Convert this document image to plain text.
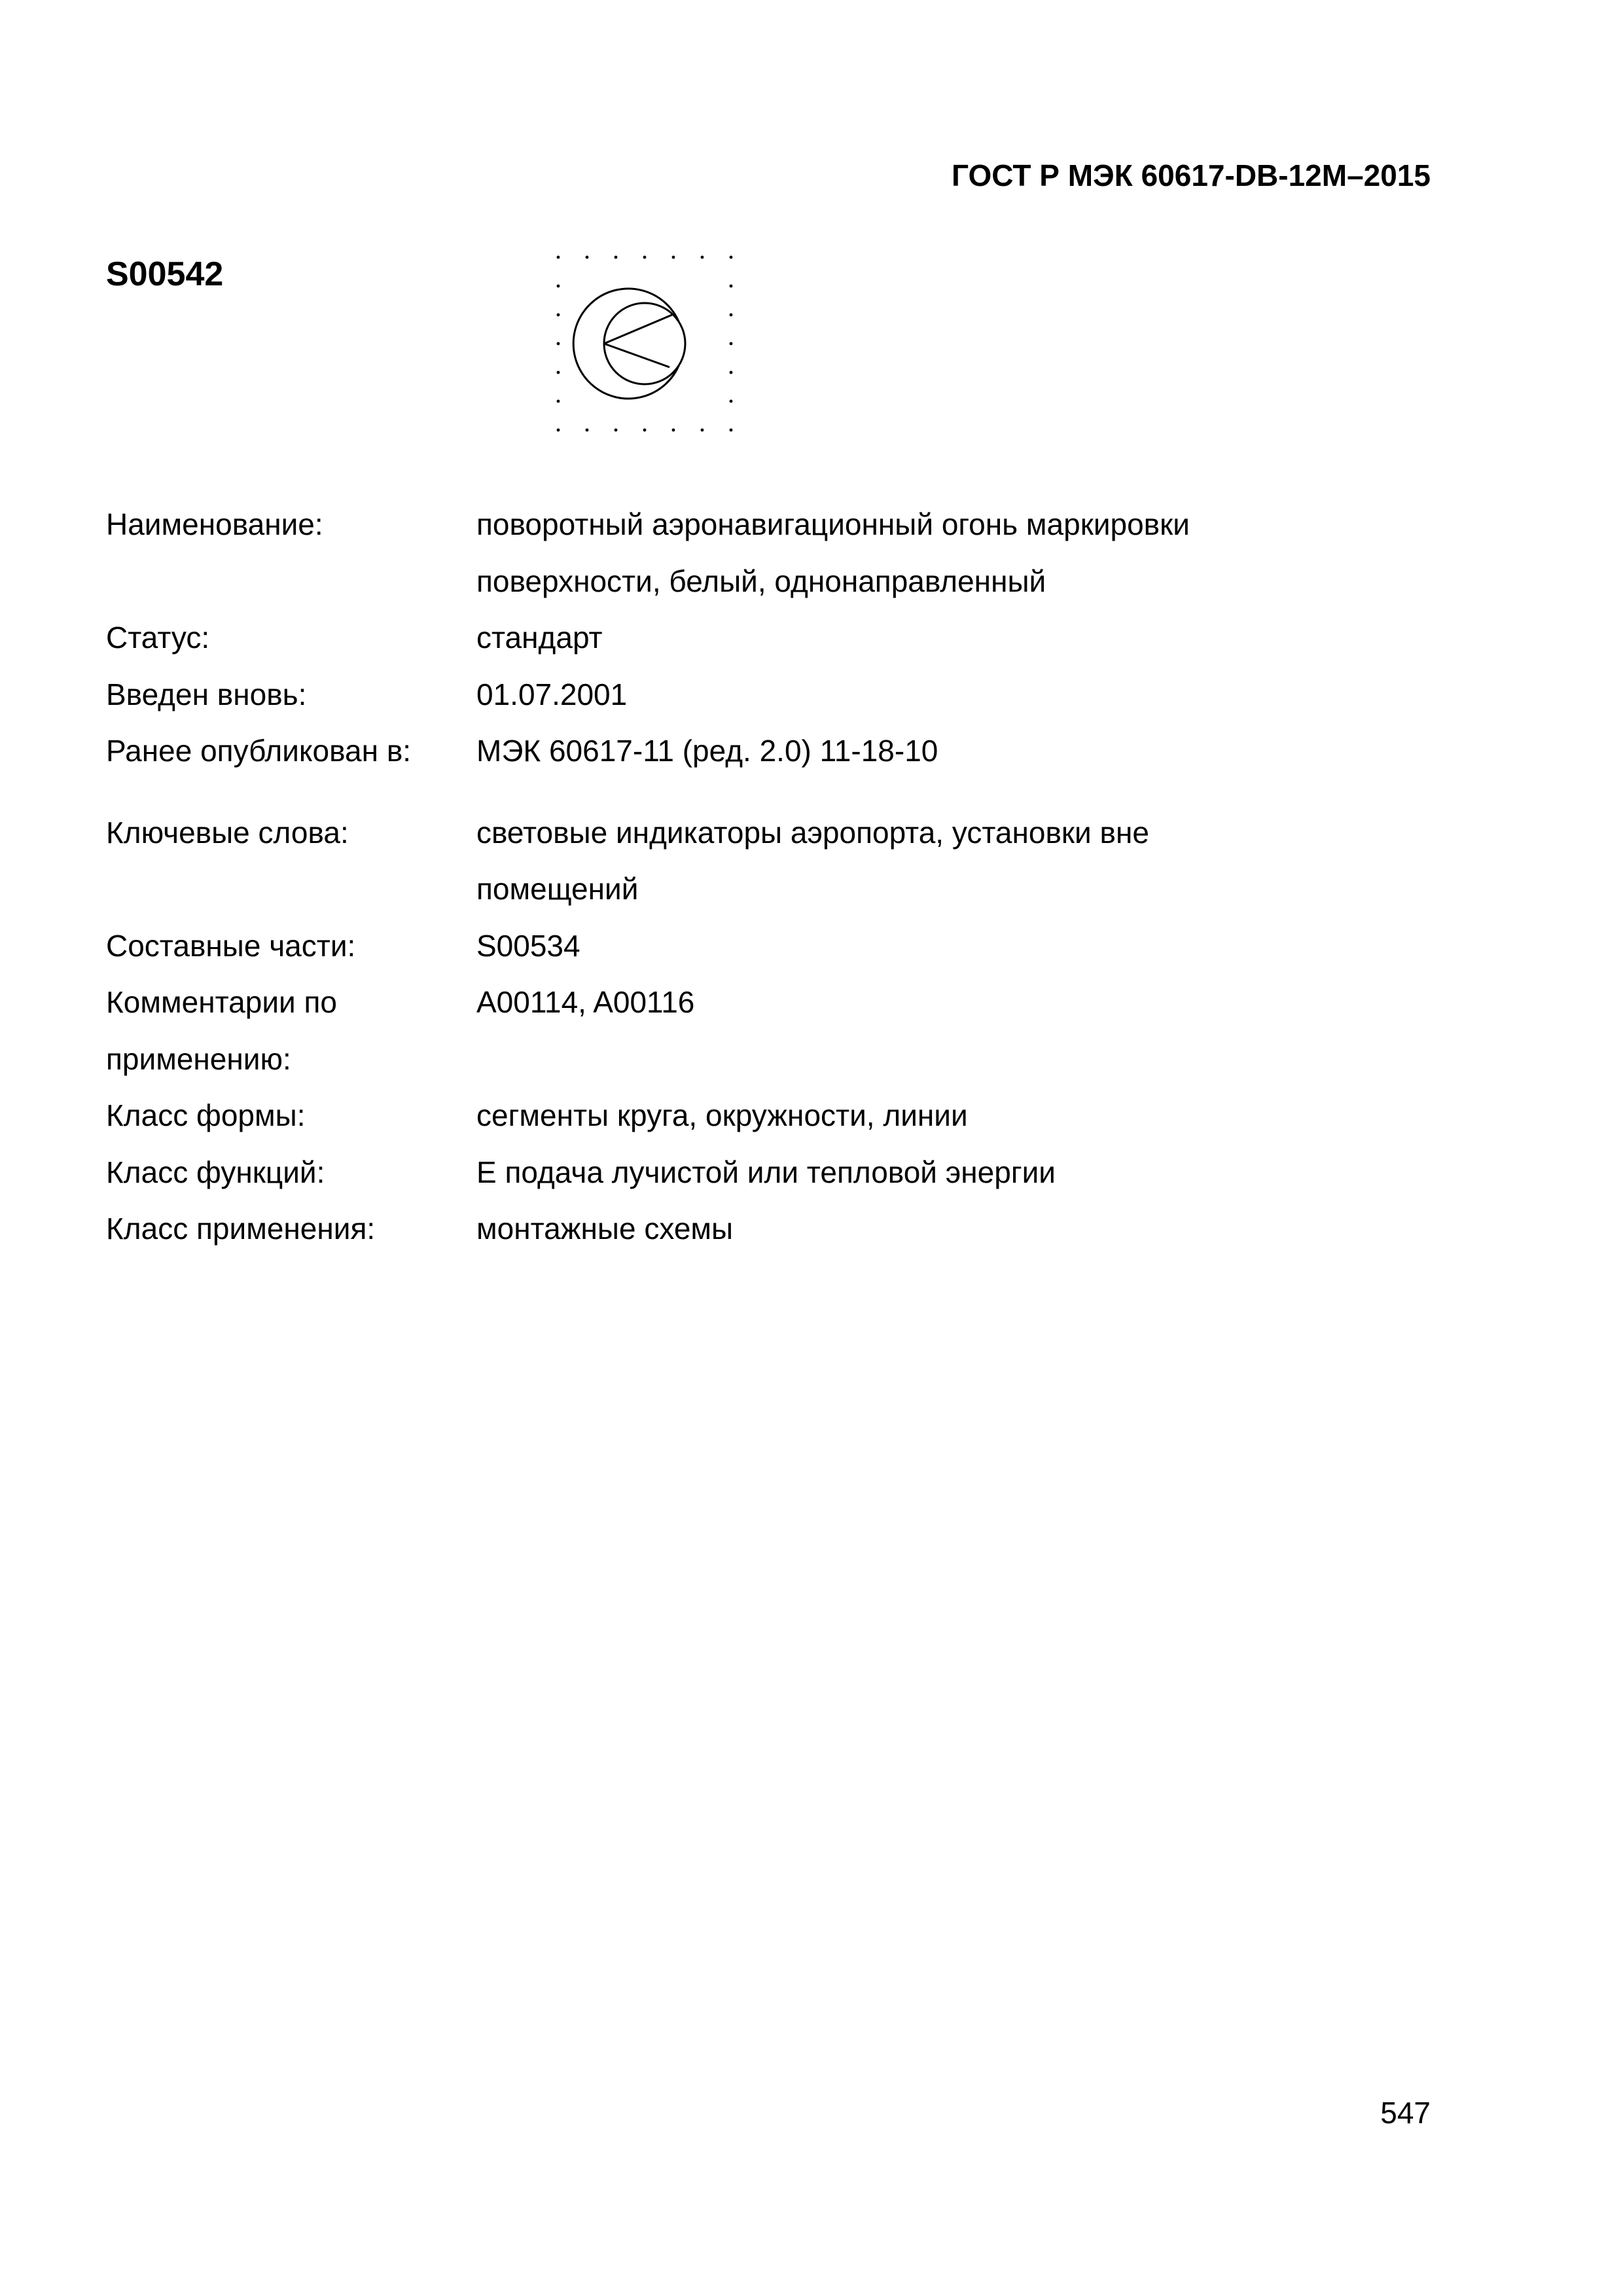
ГОСТ Р МЭК 60617-DB-12М–2015
S00542
Наименование:	поворотный аэронавигационный огонь маркировки поверхности, белый, однонаправленный
Статус:	стандарт
Введен вновь:	01.07.2001
Ранее опубликован в:	МЭК 60617-11 (ред. 2.0) 11-18-10
Ключевые слова:	световые индикаторы аэропорта, установки вне помещений
Составные части:	S00534
Комментарии по применению:
A00114, A00116
Класс формы:	сегменты круга, окружности, линии
Класс функций:	E подача лучистой или тепловой энергии
Класс применения:	монтажные схемы
547
